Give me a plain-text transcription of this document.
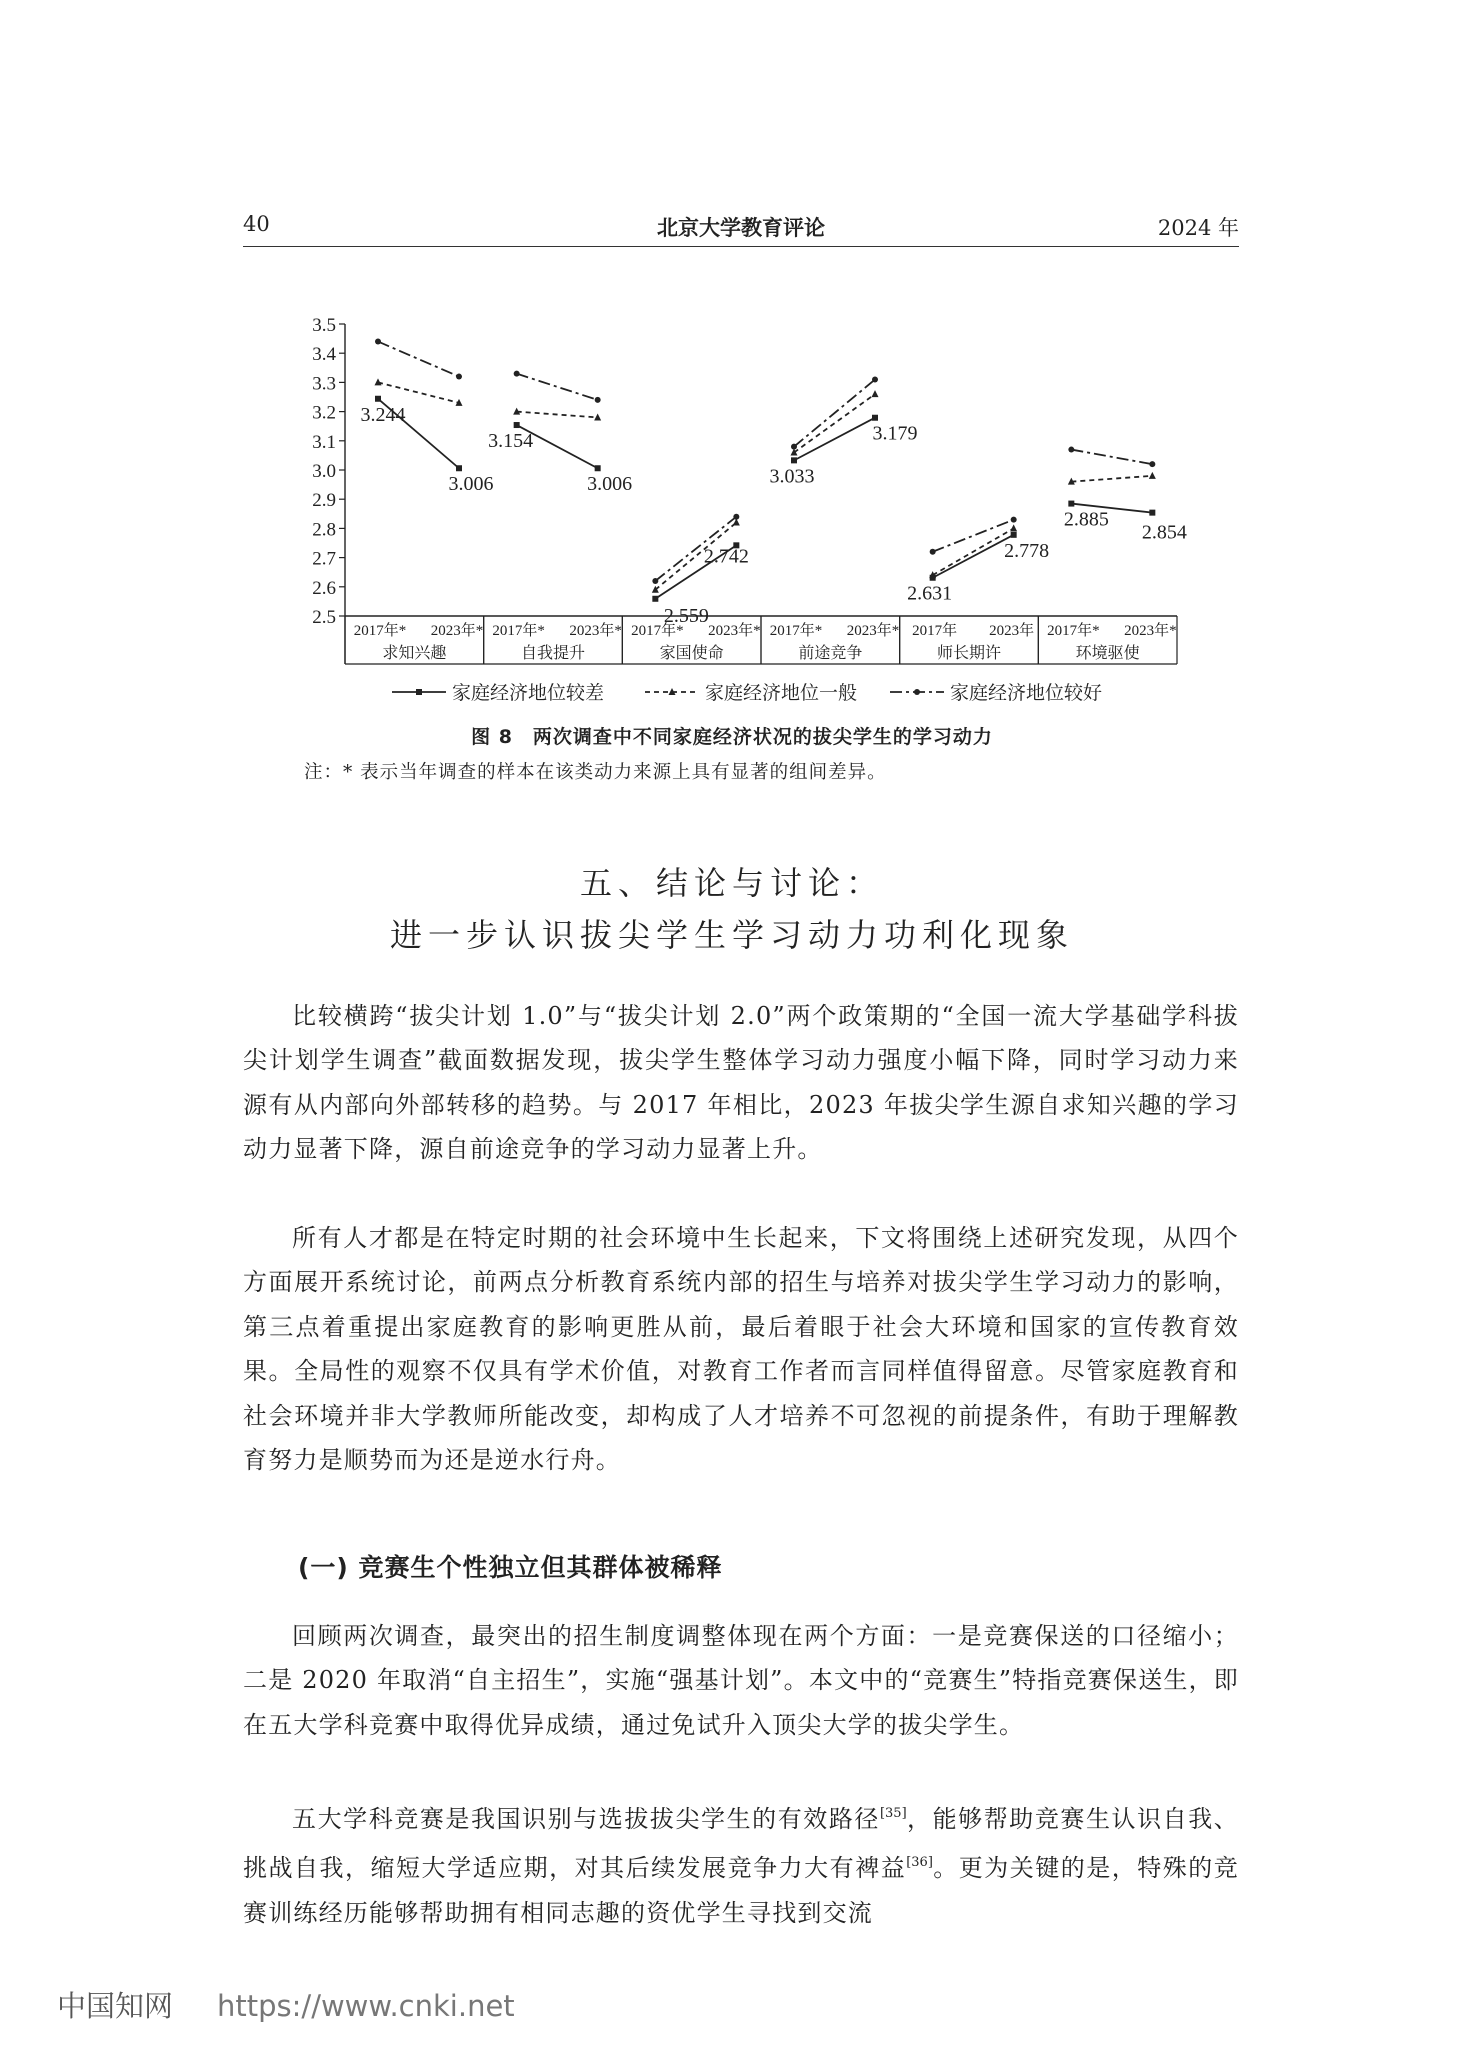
40	北京大学教育评论	2024 年
3.5
3.4
3.3
3.2
3.1
3.0
2.9
2.8
2.7
2.6
2.5
2017年* 2023年*
求知兴趣
2017年* 2023年*
自我提升
2017年* 2023年*
家国使命
2017年* 2023年*
前途竞争
2017年 2023年
师长期许
2017年* 2023年*
环境驱使
3.244
3.006
3.154
3.006
2.559
2.742
3.033
3.179
2.631
2.778
2.885
2.854
家庭经济地位较差	家庭经济地位一般	家庭经济地位较好
图 8　两次调查中不同家庭经济状况的拔尖学生的学习动力
注：* 表示当年调查的样本在该类动力来源上具有显著的组间差异。
五、结论与讨论：
进一步认识拔尖学生学习动力功利化现象

比较横跨“拔尖计划 1.0”与“拔尖计划 2.0”两个政策期的“全国一流大学基础学科拔尖计划学生调查”截面数据发现，拔尖学生整体学习动力强度小幅下降，同时学习动力来源有从内部向外部转移的趋势。与 2017 年相比，2023 年拔尖学生源自求知兴趣的学习动力显著下降，源自前途竞争的学习动力显著上升。

所有人才都是在特定时期的社会环境中生长起来，下文将围绕上述研究发现，从四个方面展开系统讨论，前两点分析教育系统内部的招生与培养对拔尖学生学习动力的影响，第三点着重提出家庭教育的影响更胜从前，最后着眼于社会大环境和国家的宣传教育效果。全局性的观察不仅具有学术价值，对教育工作者而言同样值得留意。尽管家庭教育和社会环境并非大学教师所能改变，却构成了人才培养不可忽视的前提条件，有助于理解教育努力是顺势而为还是逆水行舟。

(一) 竞赛生个性独立但其群体被稀释

回顾两次调查，最突出的招生制度调整体现在两个方面：一是竞赛保送的口径缩小；二是 2020 年取消“自主招生”，实施“强基计划”。本文中的“竞赛生”特指竞赛保送生，即在五大学科竞赛中取得优异成绩，通过免试升入顶尖大学的拔尖学生。

五大学科竞赛是我国识别与选拔拔尖学生的有效路径[35]，能够帮助竞赛生认识自我、挑战自我，缩短大学适应期，对其后续发展竞争力大有裨益[36]。更为关键的是，特殊的竞赛训练经历能够帮助拥有相同志趣的资优学生寻找到交流

中国知网 https://www.cnki.net
